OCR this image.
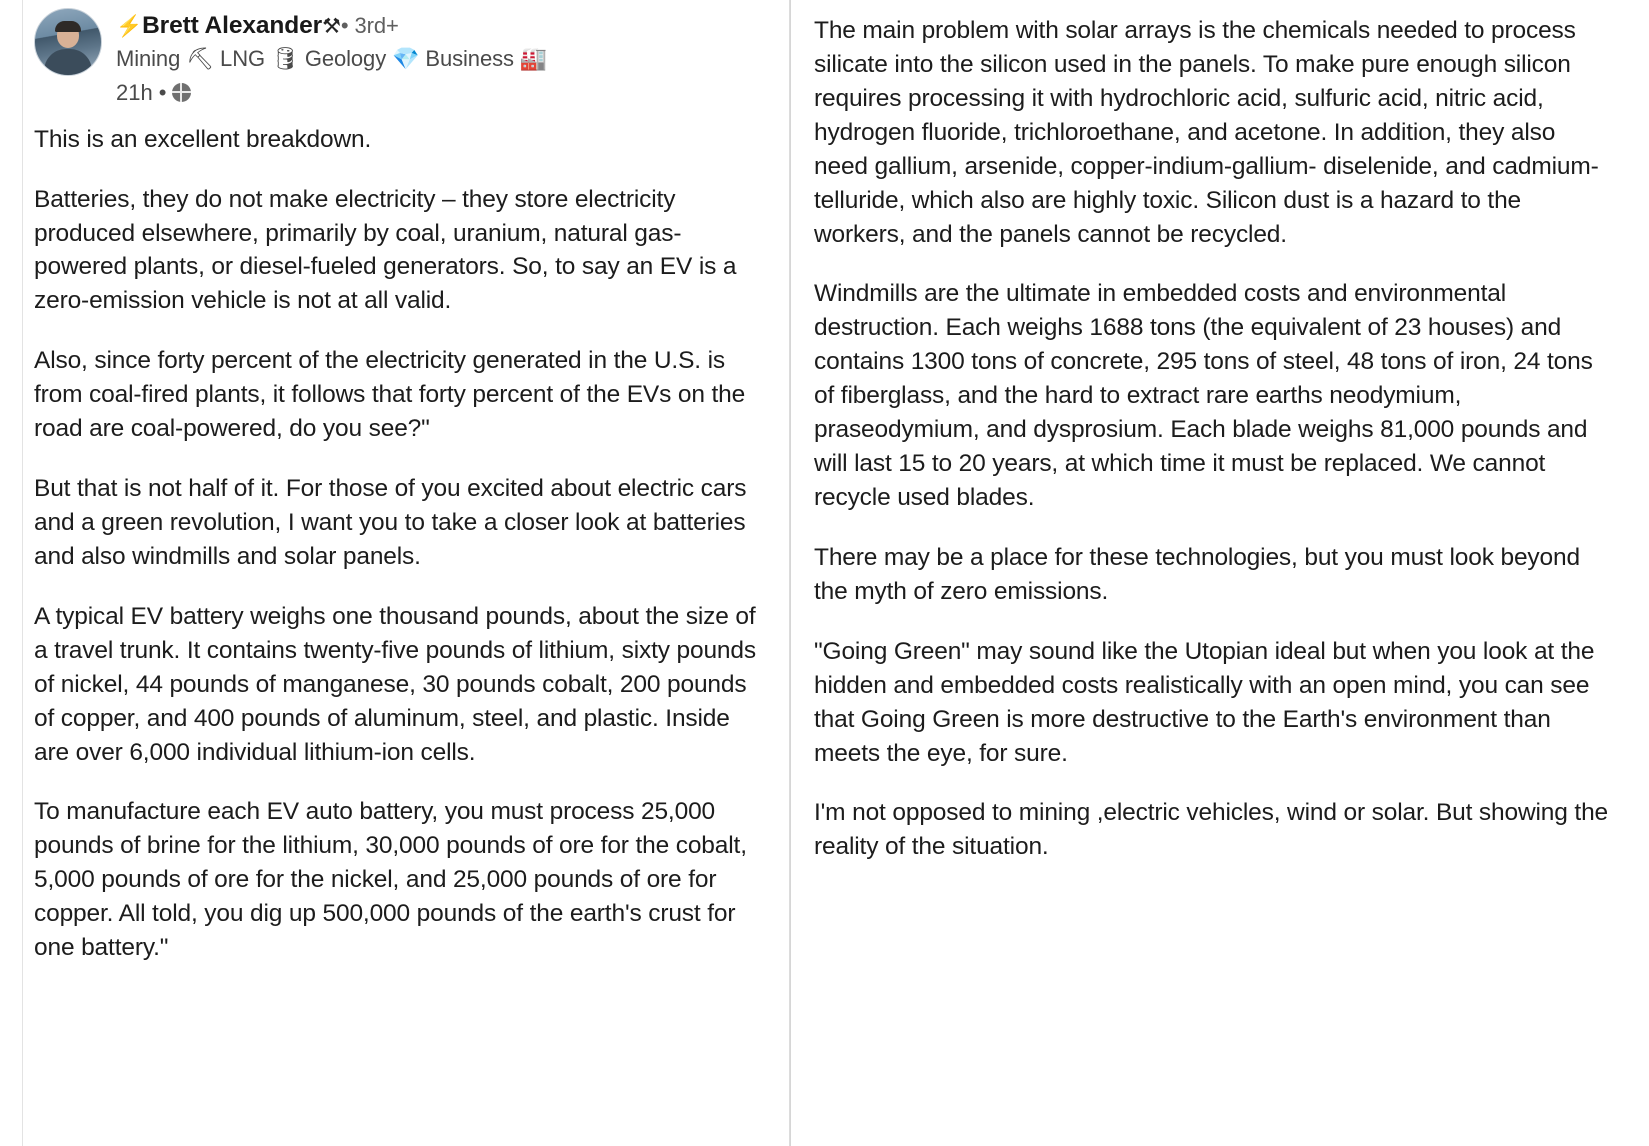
⚡Brett Alexander⚒• 3rd+
Mining ⛏ LNG 🛢 Geology 💎 Business 🏭
21h •

This is an excellent breakdown.

Batteries, they do not make electricity – they store electricity produced elsewhere, primarily by coal, uranium, natural gas-powered plants, or diesel-fueled generators. So, to say an EV is a zero-emission vehicle is not at all valid.

Also, since forty percent of the electricity generated in the U.S. is from coal-fired plants, it follows that forty percent of the EVs on the road are coal-powered, do you see?"

But that is not half of it. For those of you excited about electric cars and a green revolution, I want you to take a closer look at batteries and also windmills and solar panels.

A typical EV battery weighs one thousand pounds, about the size of a travel trunk. It contains twenty-five pounds of lithium, sixty pounds of nickel, 44 pounds of manganese, 30 pounds cobalt, 200 pounds of copper, and 400 pounds of aluminum, steel, and plastic. Inside are over 6,000 individual lithium-ion cells.

To manufacture each EV auto battery, you must process 25,000 pounds of brine for the lithium, 30,000 pounds of ore for the cobalt, 5,000 pounds of ore for the nickel, and 25,000 pounds of ore for copper. All told, you dig up 500,000 pounds of the earth's crust for one battery."

The main problem with solar arrays is the chemicals needed to process silicate into the silicon used in the panels. To make pure enough silicon requires processing it with hydrochloric acid, sulfuric acid, nitric acid, hydrogen fluoride, trichloroethane, and acetone. In addition, they also need gallium, arsenide, copper-indium-gallium- diselenide, and cadmium-telluride, which also are highly toxic. Silicon dust is a hazard to the workers, and the panels cannot be recycled.

Windmills are the ultimate in embedded costs and environmental destruction. Each weighs 1688 tons (the equivalent of 23 houses) and contains 1300 tons of concrete, 295 tons of steel, 48 tons of iron, 24 tons of fiberglass, and the hard to extract rare earths neodymium, praseodymium, and dysprosium. Each blade weighs 81,000 pounds and will last 15 to 20 years, at which time it must be replaced. We cannot recycle used blades.

There may be a place for these technologies, but you must look beyond the myth of zero emissions.

"Going Green" may sound like the Utopian ideal but when you look at the hidden and embedded costs realistically with an open mind, you can see that Going Green is more destructive to the Earth's environment than meets the eye, for sure.

I'm not opposed to mining ,electric vehicles, wind or solar. But showing the reality of the situation.
